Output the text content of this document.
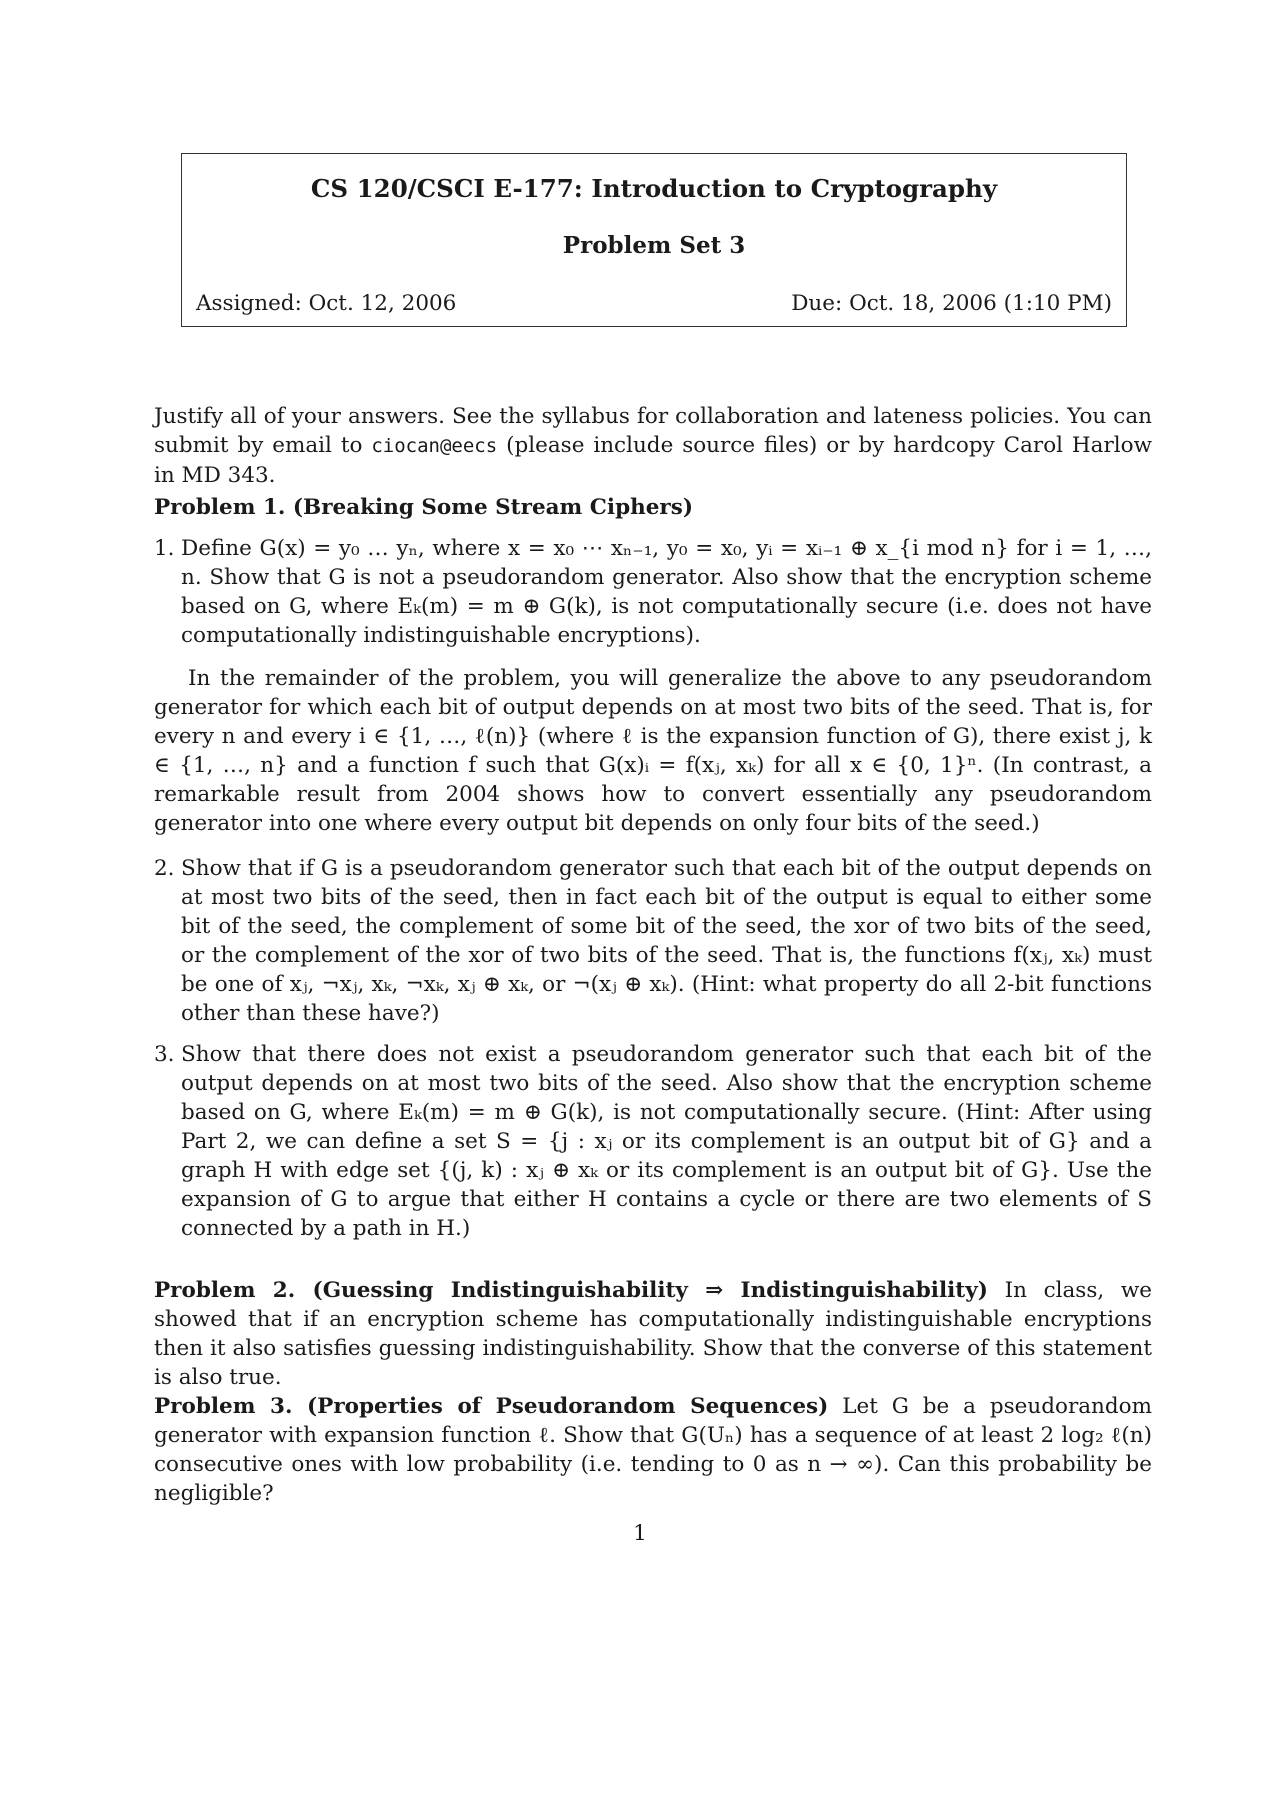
CS 120/CSCI E-177: Introduction to Cryptography
Problem Set 3
Assigned: Oct. 12, 2006	Due: Oct. 18, 2006 (1:10 PM)
Justify all of your answers. See the syllabus for collaboration and lateness policies. You can submit by email to ciocan@eecs (please include source files) or by hardcopy Carol Harlow in MD 343.
Problem 1. (Breaking Some Stream Ciphers)
1. Define G(x) = y₀ … yₙ, where x = x₀ ⋯ xₙ₋₁, y₀ = x₀, yᵢ = xᵢ₋₁ ⊕ x_{i mod n} for i = 1, …, n. Show that G is not a pseudorandom generator. Also show that the encryption scheme based on G, where Eₖ(m) = m ⊕ G(k), is not computationally secure (i.e. does not have computationally indistinguishable encryptions).
In the remainder of the problem, you will generalize the above to any pseudorandom generator for which each bit of output depends on at most two bits of the seed. That is, for every n and every i ∈ {1, …, ℓ(n)} (where ℓ is the expansion function of G), there exist j, k ∈ {1, …, n} and a function f such that G(x)ᵢ = f(xⱼ, xₖ) for all x ∈ {0, 1}ⁿ. (In contrast, a remarkable result from 2004 shows how to convert essentially any pseudorandom generator into one where every output bit depends on only four bits of the seed.)
2. Show that if G is a pseudorandom generator such that each bit of the output depends on at most two bits of the seed, then in fact each bit of the output is equal to either some bit of the seed, the complement of some bit of the seed, the xor of two bits of the seed, or the complement of the xor of two bits of the seed. That is, the functions f(xⱼ, xₖ) must be one of xⱼ, ¬xⱼ, xₖ, ¬xₖ, xⱼ ⊕ xₖ, or ¬(xⱼ ⊕ xₖ). (Hint: what property do all 2-bit functions other than these have?)
3. Show that there does not exist a pseudorandom generator such that each bit of the output depends on at most two bits of the seed. Also show that the encryption scheme based on G, where Eₖ(m) = m ⊕ G(k), is not computationally secure. (Hint: After using Part 2, we can define a set S = {j : xⱼ or its complement is an output bit of G} and a graph H with edge set {(j, k) : xⱼ ⊕ xₖ or its complement is an output bit of G}. Use the expansion of G to argue that either H contains a cycle or there are two elements of S connected by a path in H.)
Problem 2. (Guessing Indistinguishability ⇒ Indistinguishability) In class, we showed that if an encryption scheme has computationally indistinguishable encryptions then it also satisfies guessing indistinguishability. Show that the converse of this statement is also true.
Problem 3. (Properties of Pseudorandom Sequences) Let G be a pseudorandom generator with expansion function ℓ. Show that G(Uₙ) has a sequence of at least 2 log₂ ℓ(n) consecutive ones with low probability (i.e. tending to 0 as n → ∞). Can this probability be negligible?
1
